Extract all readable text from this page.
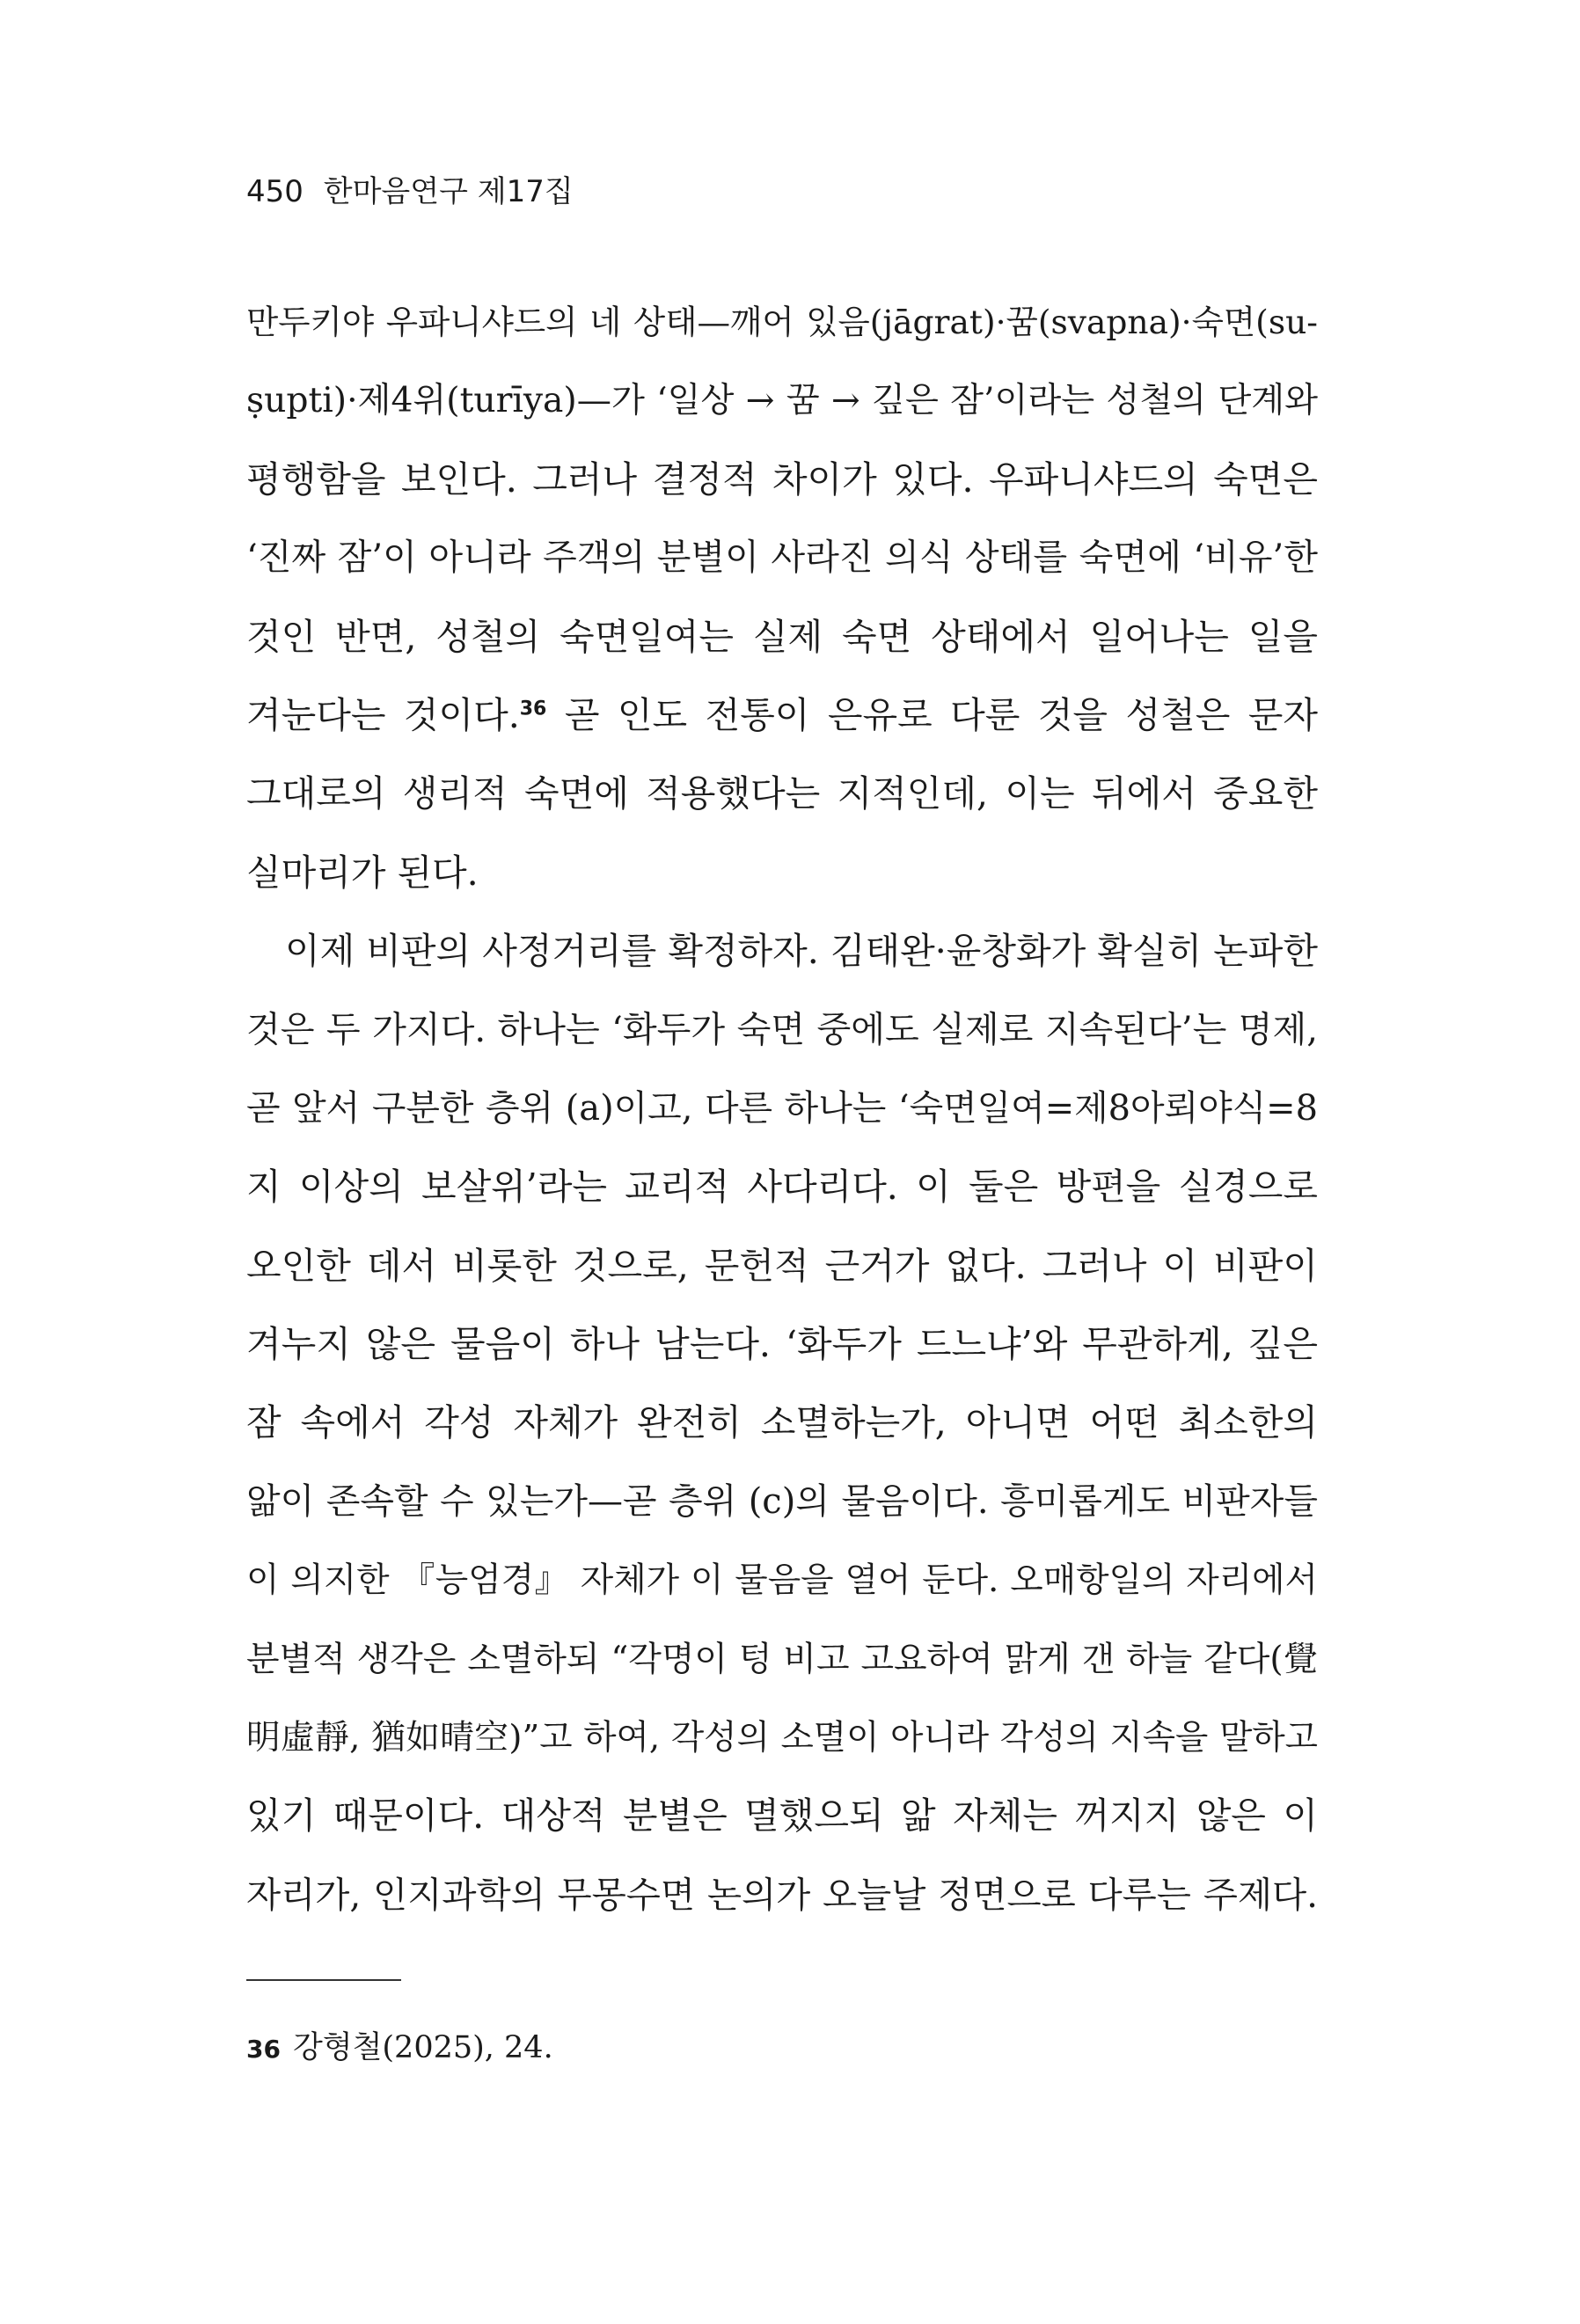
450 한마음연구 제17집
만두키야 우파니샤드의 네 상태—깨어 있음(jāgrat)·꿈(svapna)·숙면(su-
ṣupti)·제4위(turīya)—가 ‘일상 → 꿈 → 깊은 잠’이라는 성철의 단계와
평행함을 보인다. 그러나 결정적 차이가 있다. 우파니샤드의 숙면은
‘진짜 잠’이 아니라 주객의 분별이 사라진 의식 상태를 숙면에 ‘비유’한
것인 반면, 성철의 숙면일여는 실제 숙면 상태에서 일어나는 일을
겨눈다는 것이다.$^{36}$ 곧 인도 전통이 은유로 다룬 것을 성철은 문자
그대로의 생리적 숙면에 적용했다는 지적인데, 이는 뒤에서 중요한
실마리가 된다.
이제 비판의 사정거리를 확정하자. 김태완·윤창화가 확실히 논파한
것은 두 가지다. 하나는 ‘화두가 숙면 중에도 실제로 지속된다’는 명제,
곧 앞서 구분한 층위 (a)이고, 다른 하나는 ‘숙면일여=제8아뢰야식=8
지 이상의 보살위’라는 교리적 사다리다. 이 둘은 방편을 실경으로
오인한 데서 비롯한 것으로, 문헌적 근거가 없다. 그러나 이 비판이
겨누지 않은 물음이 하나 남는다. ‘화두가 드느냐’와 무관하게, 깊은
잠 속에서 각성 자체가 완전히 소멸하는가, 아니면 어떤 최소한의
앎이 존속할 수 있는가—곧 층위 (c)의 물음이다. 흥미롭게도 비판자들
이 의지한 『능엄경』 자체가 이 물음을 열어 둔다. 오매항일의 자리에서
분별적 생각은 소멸하되 “각명이 텅 비고 고요하여 맑게 갠 하늘 같다(覺
明虛靜, 猶如晴空)”고 하여, 각성의 소멸이 아니라 각성의 지속을 말하고
있기 때문이다. 대상적 분별은 멸했으되 앎 자체는 꺼지지 않은 이
자리가, 인지과학의 무몽수면 논의가 오늘날 정면으로 다루는 주제다.
36 강형철(2025), 24.
